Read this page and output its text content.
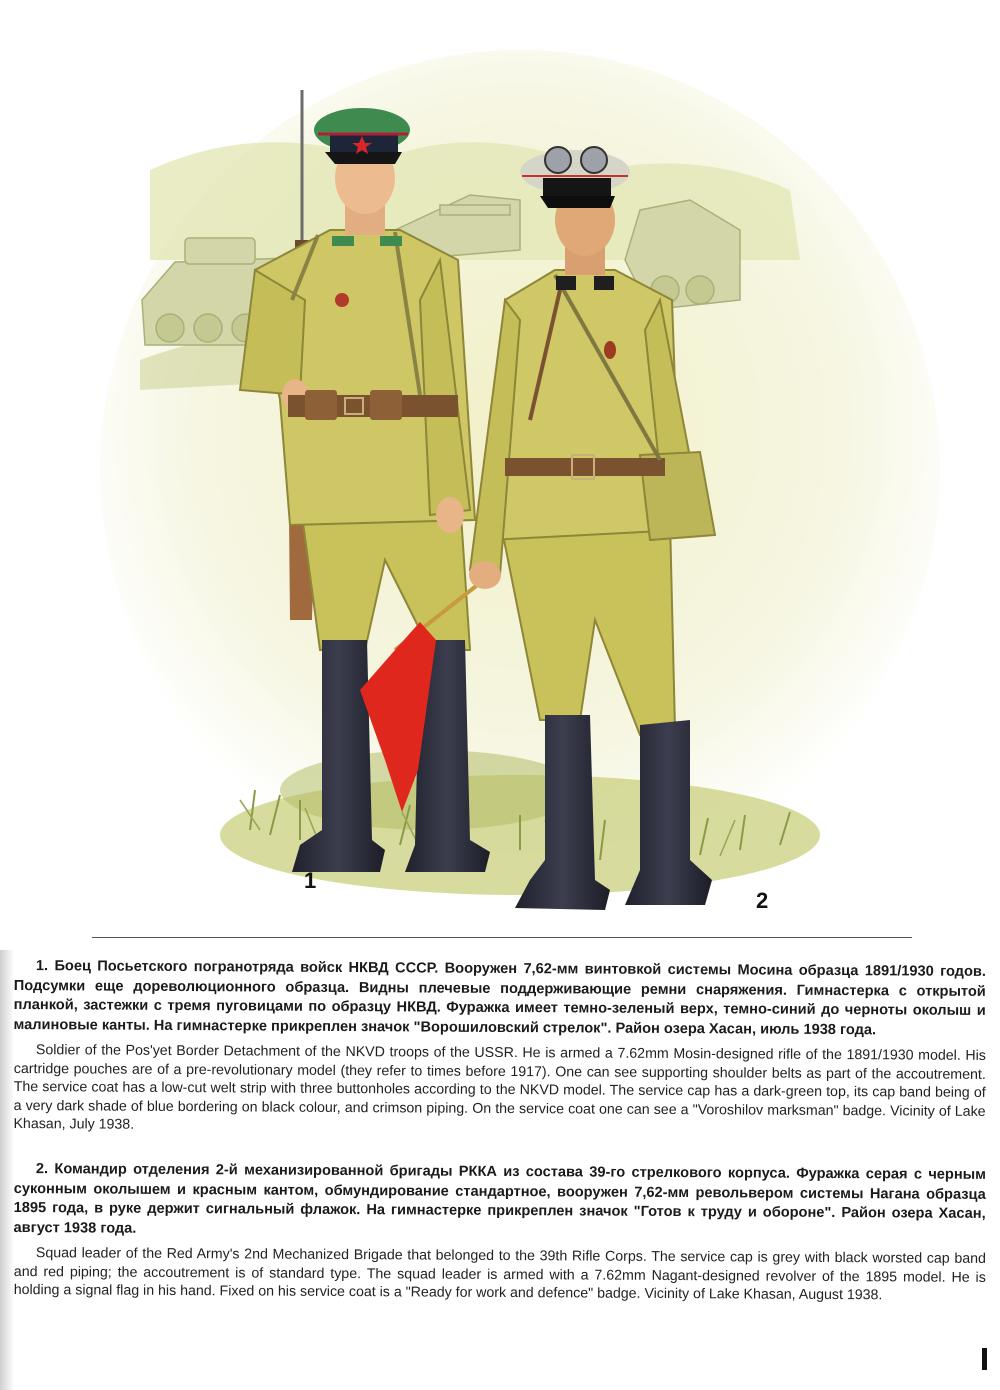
1
2

1. Боец Посьетского погранотряда войск НКВД СССР. Вооружен 7,62-мм винтовкой системы Мосина образца 1891/1930 годов. Подсумки еще дореволюционного образца. Видны плечевые поддерживающие ремни снаряжения. Гимнастерка с открытой планкой, застежки с тремя пуговицами по образцу НКВД. Фуражка имеет темно-зеленый верх, темно-синий до черноты околыш и малиновые канты. На гимнастерке прикреплен значок "Ворошиловский стрелок". Район озера Хасан, июль 1938 года.

Soldier of the Pos'yet Border Detachment of the NKVD troops of the USSR. He is armed a 7.62mm Mosin-designed rifle of the 1891/1930 model. His cartridge pouches are of a pre-revolutionary model (they refer to times before 1917). One can see supporting shoulder belts as part of the accoutrement. The service coat has a low-cut welt strip with three buttonholes according to the NKVD model. The service cap has a dark-green top, its cap band being of a very dark shade of blue bordering on black colour, and crimson piping. On the service coat one can see a "Voroshilov marksman" badge. Vicinity of Lake Khasan, July 1938.

2. Командир отделения 2-й механизированной бригады РККА из состава 39-го стрелкового корпуса. Фуражка серая с черным суконным околышем и красным кантом, обмундирование стандартное, вооружен 7,62-мм револьвером системы Нагана образца 1895 года, в руке держит сигнальный флажок. На гимнастерке прикреплен значок "Готов к труду и обороне". Район озера Хасан, август 1938 года.

Squad leader of the Red Army's 2nd Mechanized Brigade that belonged to the 39th Rifle Corps. The service cap is grey with black worsted cap band and red piping; the accoutrement is of standard type. The squad leader is armed with a 7.62mm Nagant-designed revolver of the 1895 model. He is holding a signal flag in his hand. Fixed on his service coat is a "Ready for work and defence" badge. Vicinity of Lake Khasan, August 1938.
